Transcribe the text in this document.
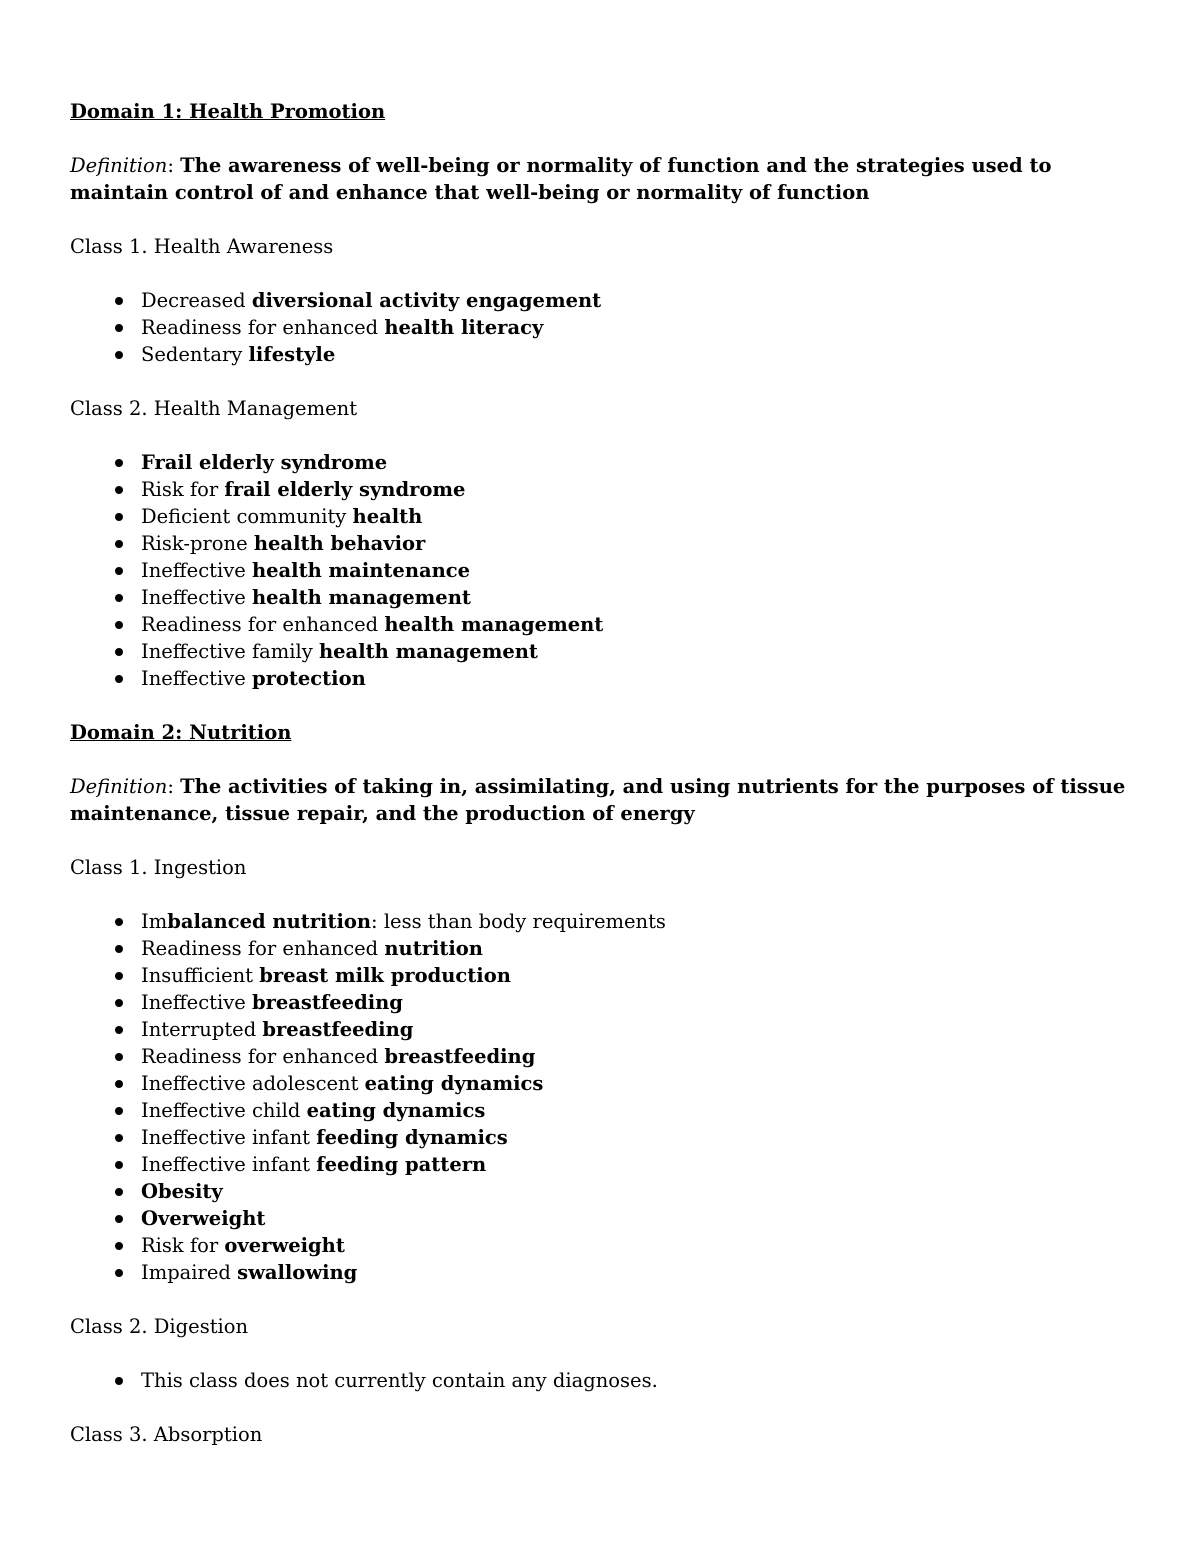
Domain 1: Health Promotion

Definition: The awareness of well-being or normality of function and the strategies used to maintain control of and enhance that well-being or normality of function

Class 1. Health Awareness

Decreased diversional activity engagement
Readiness for enhanced health literacy
Sedentary lifestyle

Class 2. Health Management

Frail elderly syndrome
Risk for frail elderly syndrome
Deficient community health
Risk-prone health behavior
Ineffective health maintenance
Ineffective health management
Readiness for enhanced health management
Ineffective family health management
Ineffective protection
Domain 2: Nutrition

Definition: The activities of taking in, assimilating, and using nutrients for the purposes of tissue maintenance, tissue repair, and the production of energy

Class 1. Ingestion

Imbalanced nutrition: less than body requirements
Readiness for enhanced nutrition
Insufficient breast milk production
Ineffective breastfeeding
Interrupted breastfeeding
Readiness for enhanced breastfeeding
Ineffective adolescent eating dynamics
Ineffective child eating dynamics
Ineffective infant feeding dynamics
Ineffective infant feeding pattern
Obesity
Overweight
Risk for overweight
Impaired swallowing

Class 2. Digestion

This class does not currently contain any diagnoses.

Class 3. Absorption
